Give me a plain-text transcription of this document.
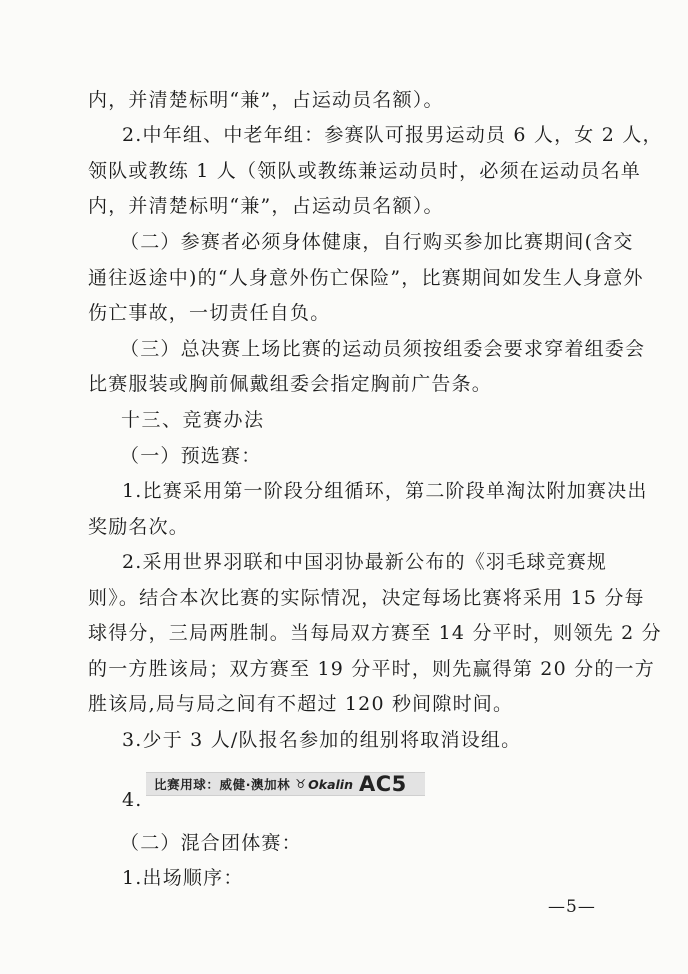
内，并清楚标明“兼”，占运动员名额）。
2.中年组、中老年组：参赛队可报男运动员 6 人，女 2 人，
领队或教练 1 人（领队或教练兼运动员时，必须在运动员名单
内，并清楚标明“兼”，占运动员名额）。
（二）参赛者必须身体健康，自行购买参加比赛期间(含交
通往返途中)的“人身意外伤亡保险”，比赛期间如发生人身意外
伤亡事故，一切责任自负。
（三）总决赛上场比赛的运动员须按组委会要求穿着组委会
比赛服装或胸前佩戴组委会指定胸前广告条。
十三、竞赛办法
（一）预选赛：
1.比赛采用第一阶段分组循环，第二阶段单淘汰附加赛决出
奖励名次。
2.采用世界羽联和中国羽协最新公布的《羽毛球竞赛规
则》。结合本次比赛的实际情况，决定每场比赛将采用 15 分每
球得分，三局两胜制。当每局双方赛至 14 分平时，则领先 2 分
的一方胜该局；双方赛至 19 分平时，则先赢得第 20 分的一方
胜该局,局与局之间有不超过 120 秒间隙时间。
3.少于 3 人/队报名参加的组别将取消设组。
4.
比赛用球：威健·澳加林 ♉ Okalin AC5
（二）混合团体赛：
1.出场顺序：
—5—
